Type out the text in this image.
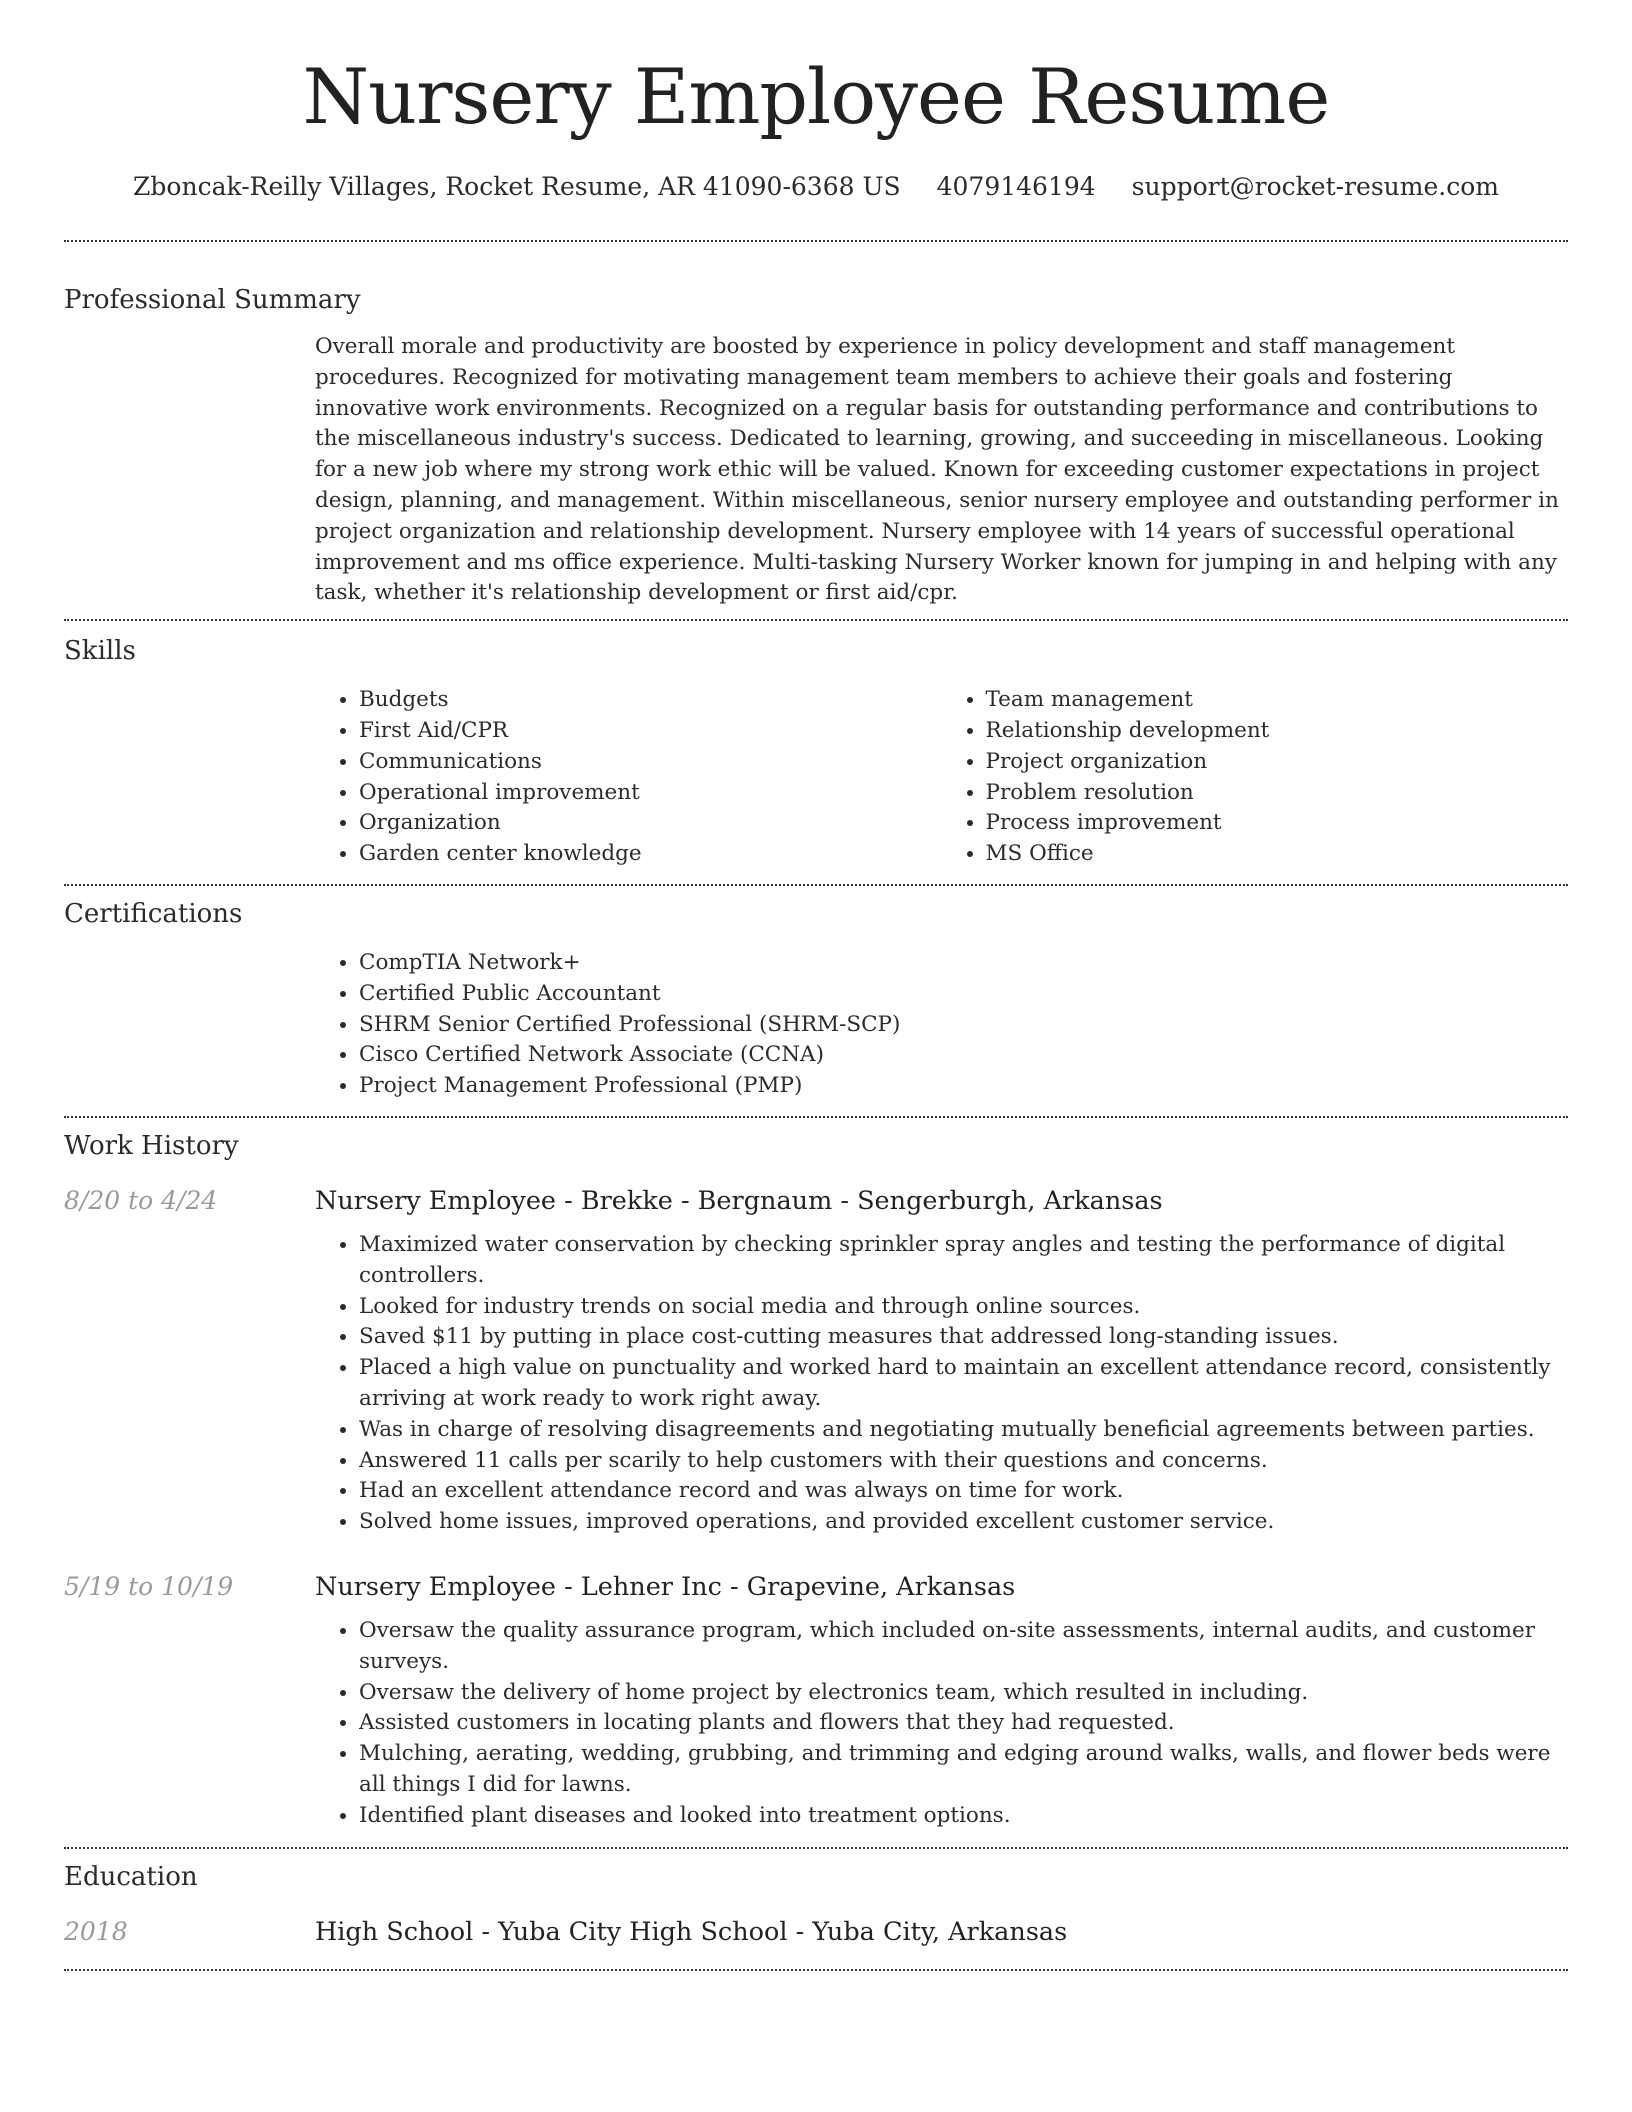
Nursery Employee Resume
Zboncak-Reilly Villages, Rocket Resume, AR 41090-6368 US 4079146194 support@rocket-resume.com
Professional Summary

Overall morale and productivity are boosted by experience in policy development and staff management procedures. Recognized for motivating management team members to achieve their goals and fostering innovative work environments. Recognized on a regular basis for outstanding performance and contributions to the miscellaneous industry's success. Dedicated to learning, growing, and succeeding in miscellaneous. Looking for a new job where my strong work ethic will be valued. Known for exceeding customer expectations in project design, planning, and management. Within miscellaneous, senior nursery employee and outstanding performer in project organization and relationship development. Nursery employee with 14 years of successful operational improvement and ms office experience. Multi-tasking Nursery Worker known for jumping in and helping with any task, whether it's relationship development or first aid/cpr.

Skills
• Budgets
• First Aid/CPR
• Communications
• Operational improvement
• Organization
• Garden center knowledge
• Team management
• Relationship development
• Project organization
• Problem resolution
• Process improvement
• MS Office
Certifications
• CompTIA Network+
• Certified Public Accountant
• SHRM Senior Certified Professional (SHRM-SCP)
• Cisco Certified Network Associate (CCNA)
• Project Management Professional (PMP)
Work History
8/20 to 4/24	Nursery Employee - Brekke - Bergnaum - Sengerburgh, Arkansas
• Maximized water conservation by checking sprinkler spray angles and testing the performance of digital controllers.
• Looked for industry trends on social media and through online sources.
• Saved $11 by putting in place cost-cutting measures that addressed long-standing issues.
• Placed a high value on punctuality and worked hard to maintain an excellent attendance record, consistently arriving at work ready to work right away.
• Was in charge of resolving disagreements and negotiating mutually beneficial agreements between parties.
• Answered 11 calls per scarily to help customers with their questions and concerns.
• Had an excellent attendance record and was always on time for work.
• Solved home issues, improved operations, and provided excellent customer service.
5/19 to 10/19	Nursery Employee - Lehner Inc - Grapevine, Arkansas
• Oversaw the quality assurance program, which included on-site assessments, internal audits, and customer surveys.
• Oversaw the delivery of home project by electronics team, which resulted in including.
• Assisted customers in locating plants and flowers that they had requested.
• Mulching, aerating, wedding, grubbing, and trimming and edging around walks, walls, and flower beds were all things I did for lawns.
• Identified plant diseases and looked into treatment options.
Education
2018	High School - Yuba City High School - Yuba City, Arkansas
